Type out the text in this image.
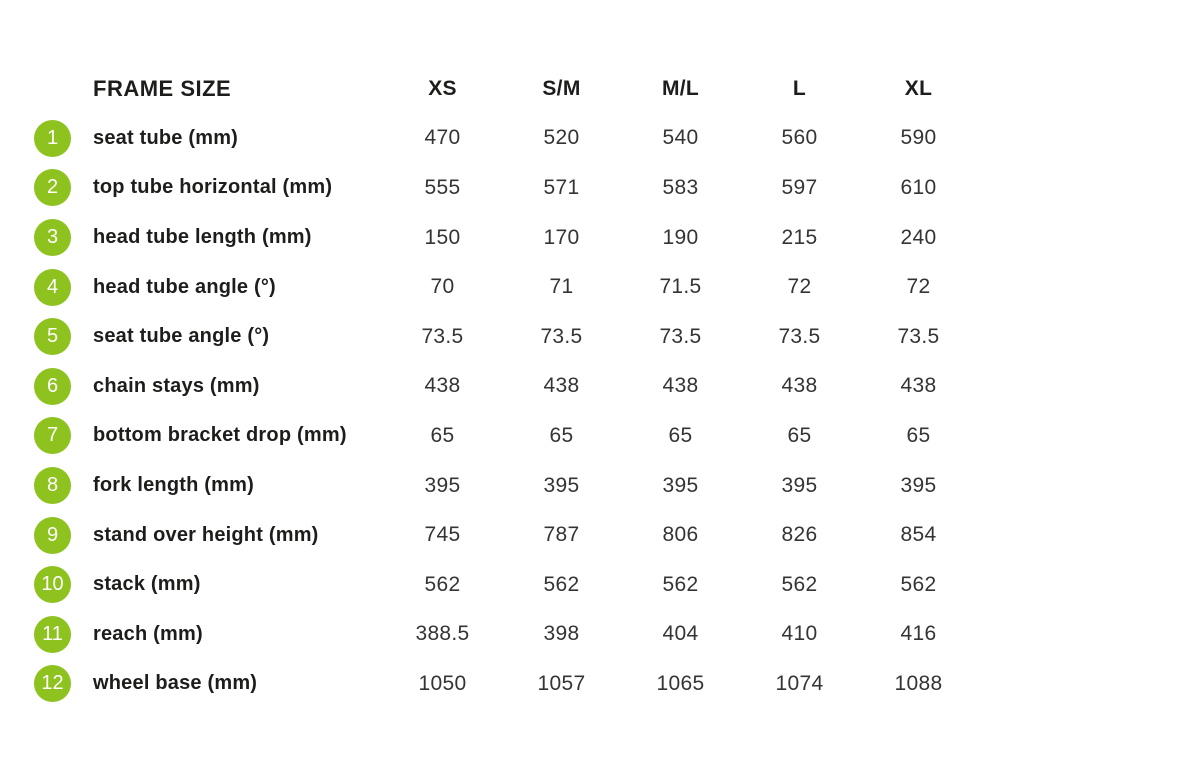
FRAME SIZE	XS	S/M	M/L	L	XL
1	seat tube (mm)	470	520	540	560	590
2	top tube horizontal (mm)	555	571	583	597	610
3	head tube length (mm)	150	170	190	215	240
4	head tube angle (°)	70	71	71.5	72	72
5	seat tube angle (°)	73.5	73.5	73.5	73.5	73.5
6	chain stays (mm)	438	438	438	438	438
7	bottom bracket drop (mm)	65	65	65	65	65
8	fork length (mm)	395	395	395	395	395
9	stand over height (mm)	745	787	806	826	854
10	stack (mm)	562	562	562	562	562
11	reach (mm)	388.5	398	404	410	416
12	wheel base (mm)	1050	1057	1065	1074	1088
